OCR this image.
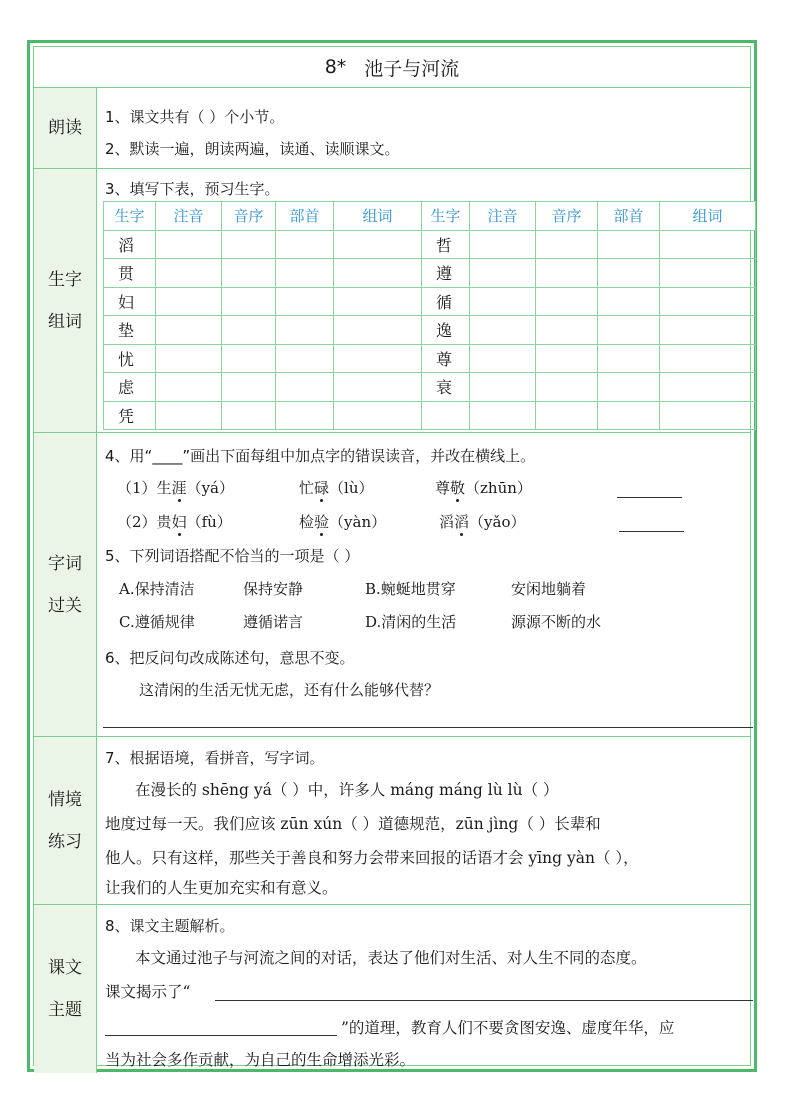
8* 池子与河流
朗读
1、课文共有（ ）个小节。
2、默读一遍，朗读两遍，读通、读顺课文。
生字
组词
3、填写下表，预习生字。
生字	注音	音序	部首	组词	生字	注音	音序	部首	组词
滔					哲				
贯					遵				
妇					循				
垫					逸				
忧					尊				
虑					衰				
凭									
字词
过关
4、用“____”画出下面每组中加点字的错误读音，并改在横线上。
（1）生涯（yá）	忙碌（lù）	尊敬（zhūn）
（2）贵妇（fù）	检验（yàn）	滔滔（yǎo）
5、下列词语搭配不恰当的一项是（ ）
A.保持清洁	保持安静	B.蜿蜒地贯穿	安闲地躺着
C.遵循规律	遵循诺言	D.清闲的生活	源源不断的水
6、把反问句改成陈述句，意思不变。
这清闲的生活无忧无虑，还有什么能够代替？
情境
练习
7、根据语境，看拼音，写字词。
在漫长的 shēng yá（ ）中，许多人 máng máng lù lù（ ）
地度过每一天。我们应该 zūn xún（ ）道德规范，zūn jìng（ ）长辈和
他人。只有这样，那些关于善良和努力会带来回报的话语才会 yīng yàn（ ），
让我们的人生更加充实和有意义。
课文
主题
8、课文主题解析。
本文通过池子与河流之间的对话，表达了他们对生活、对人生不同的态度。
课文揭示了“
”的道理，教育人们不要贪图安逸、虚度年华，应
当为社会多作贡献，为自己的生命增添光彩。
